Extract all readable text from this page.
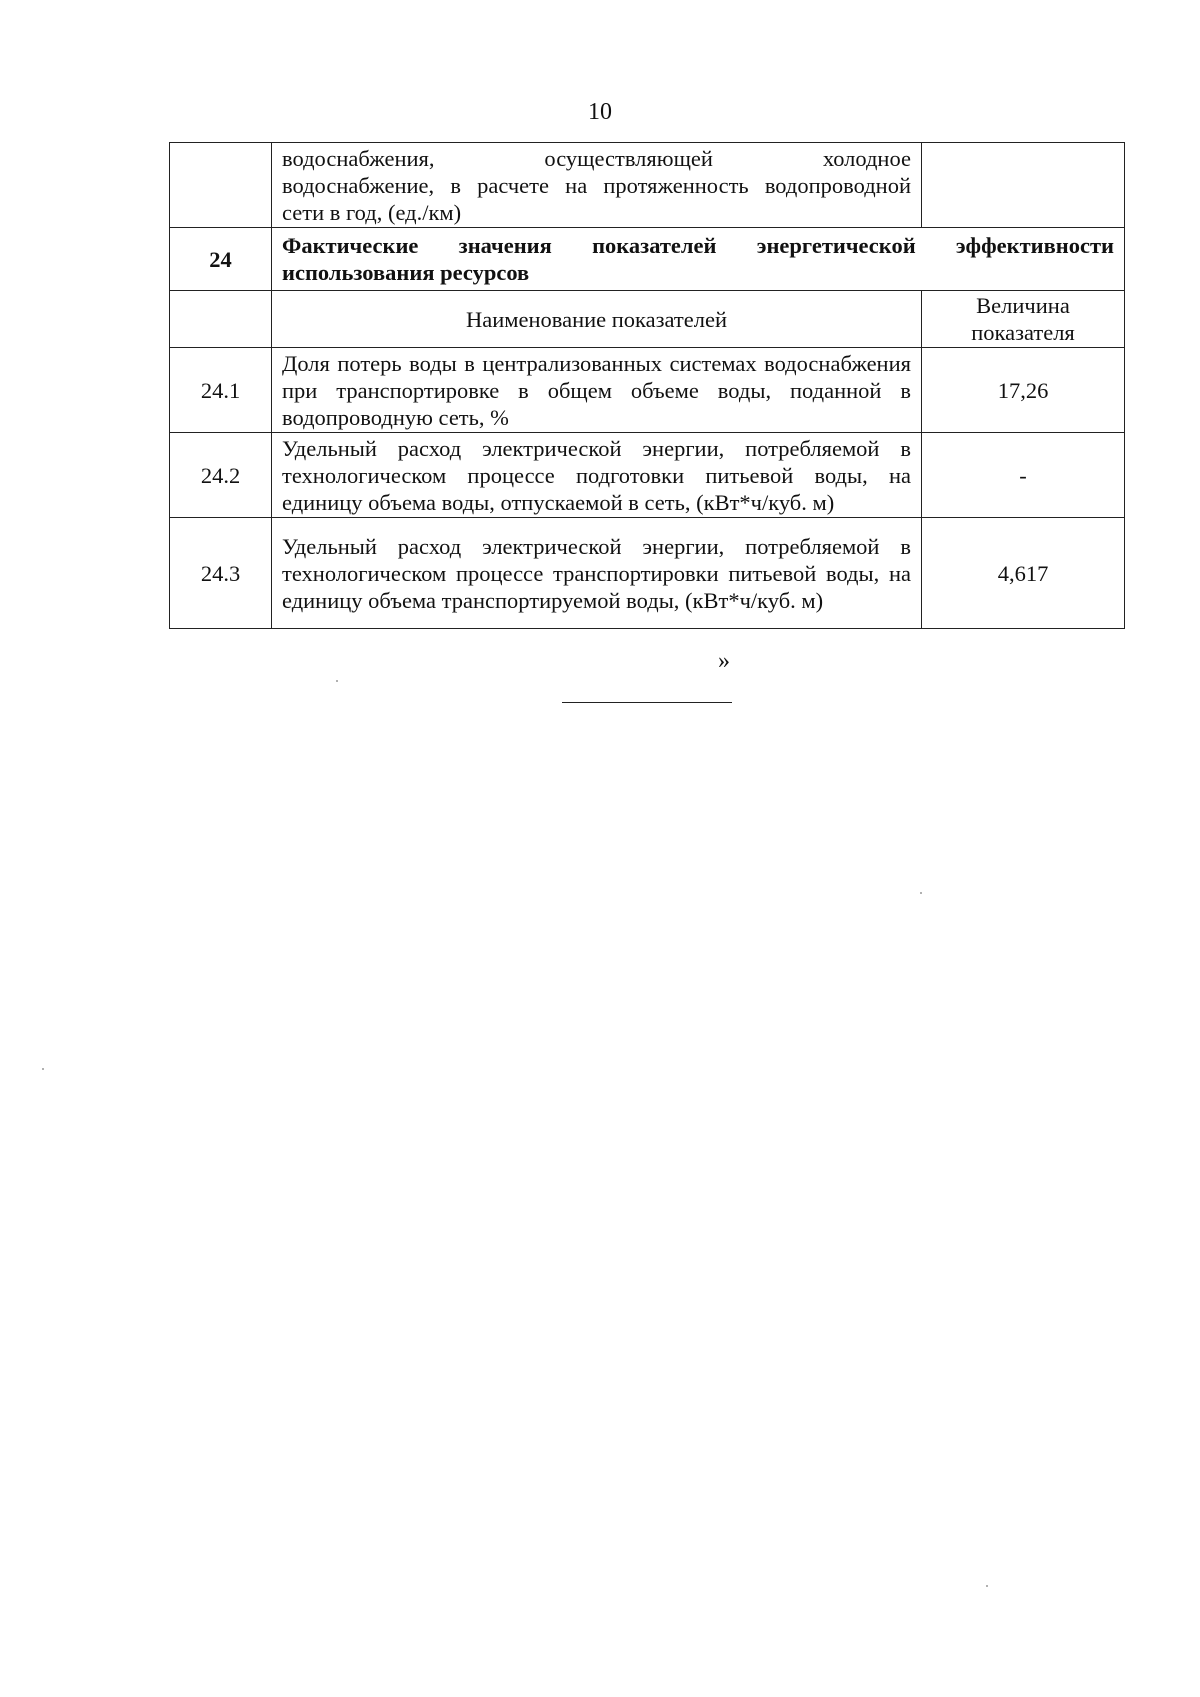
10

	водоснабжения, осуществляющей холодное
водоснабжение, в расчете на протяженность водопроводной
сети в год, (ед./км)	
24	Фактические значения показателей энергетической эффективности
использования ресурсов	
	Наименование показателей	Величина
показателя

24.1	Доля потерь воды в централизованных системах водоснабжения при транспортировке в общем объеме воды, поданной в водопроводную сеть, %	17,26
24.2	Удельный расход электрической энергии, потребляемой в технологическом процессе подготовки питьевой воды, на единицу объема воды, отпускаемой в сеть, (кВт*ч/куб. м)	-
24.3	Удельный расход электрической энергии, потребляемой в технологическом процессе транспортировки питьевой воды, на единицу объема транспортируемой воды, (кВт*ч/куб. м)	4,617
»
